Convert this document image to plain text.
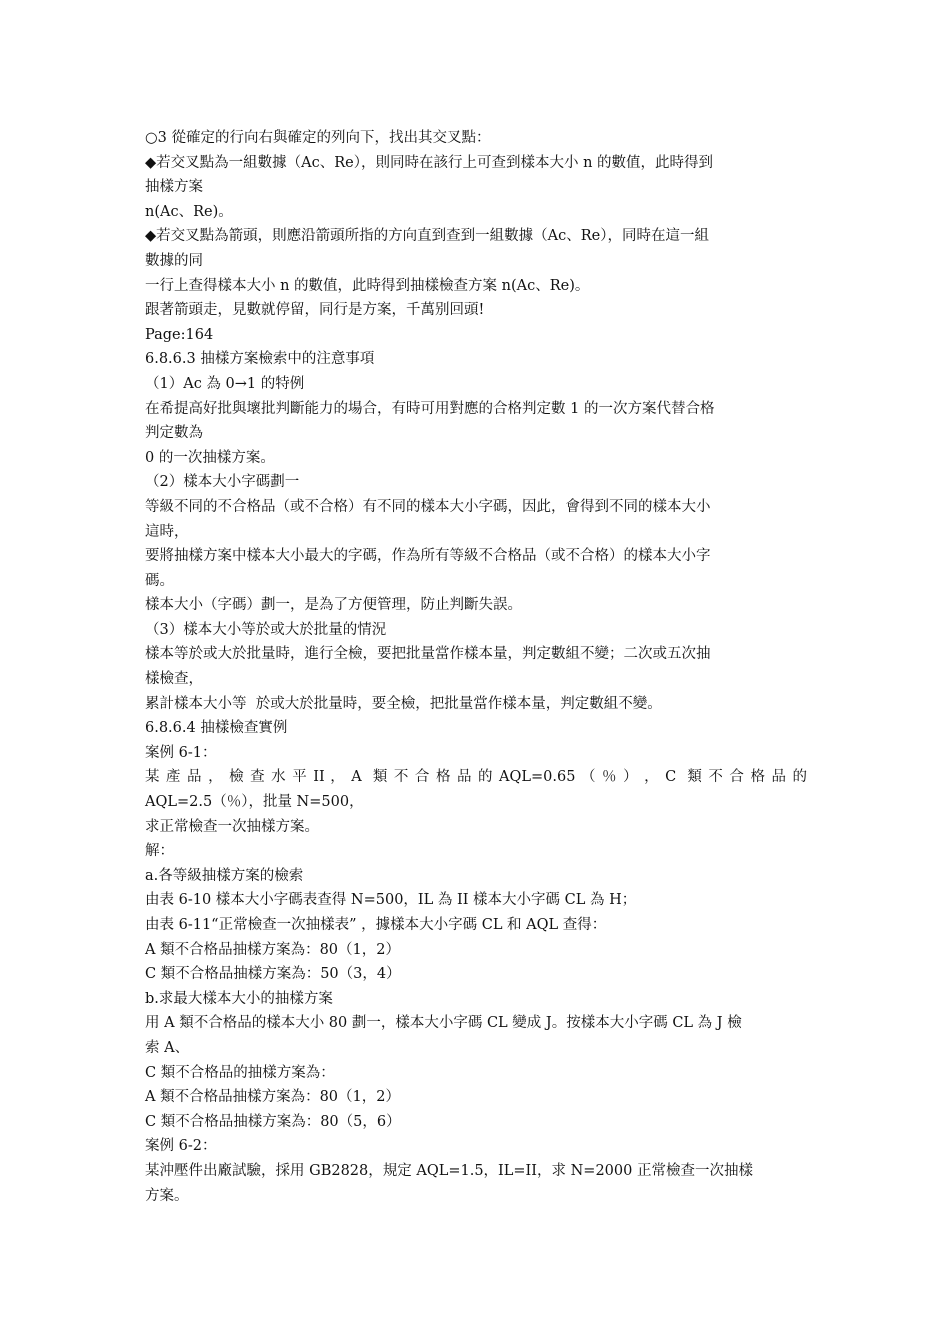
○3 從確定的行向右與確定的列向下，找出其交叉點：
◆若交叉點為一組數據（Ac、Re），則同時在該行上可查到樣本大小 n 的數值，此時得到
抽樣方案
n(Ac、Re)。
◆若交叉點為箭頭，則應沿箭頭所指的方向直到查到一組數據（Ac、Re），同時在這一組
數據的同
一行上查得樣本大小 n 的數值，此時得到抽樣檢查方案 n(Ac、Re)。
跟著箭頭走，見數就停留，同行是方案，千萬别回頭!
Page:164
6.8.6.3 抽樣方案檢索中的注意事項
（1）Ac 為 0→1 的特例
在希提高好批與壞批判斷能力的場合，有時可用對應的合格判定數 1 的一次方案代替合格
判定數為
0 的一次抽樣方案。
（2）樣本大小字碼劃一
等級不同的不合格品（或不合格）有不同的樣本大小字碼，因此，會得到不同的樣本大小
這時，
要將抽樣方案中樣本大小最大的字碼，作為所有等級不合格品（或不合格）的樣本大小字
碼。
樣本大小（字碼）劃一，是為了方便管理，防止判斷失誤。
（3）樣本大小等於或大於批量的情況
樣本等於或大於批量時，進行全檢，要把批量當作樣本量，判定數組不變；二次或五次抽
樣檢查，
累計樣本大小等  於或大於批量時，要全檢，把批量當作樣本量，判定數組不變。
6.8.6.4 抽樣檢查實例
案例 6-1：
某 產 品 ， 檢 查 水 平 II ， A  類 不 合 格 品 的 AQL=0.65 （ ％ ） ， C  類 不 合 格 品 的
AQL=2.5（％），批量 N=500，
求正常檢查一次抽樣方案。
解：
a.各等級抽樣方案的檢索
由表 6-10 樣本大小字碼表查得 N=500，IL 為 II 樣本大小字碼 CL 為 H；
由表 6-11“正常檢查一次抽樣表” ，據樣本大小字碼 CL 和 AQL 查得：
A 類不合格品抽樣方案為：80（1，2）
C 類不合格品抽樣方案為：50（3，4）
b.求最大樣本大小的抽樣方案
用 A 類不合格品的樣本大小 80 劃一，樣本大小字碼 CL 變成 J。按樣本大小字碼 CL 為 J 檢
索 A、
C 類不合格品的抽樣方案為：
A 類不合格品抽樣方案為：80（1，2）
C 類不合格品抽樣方案為：80（5，6）
案例 6-2：
某沖壓件出廠試驗，採用 GB2828，規定 AQL=1.5，IL=II，求 N=2000 正常檢查一次抽樣
方案。
